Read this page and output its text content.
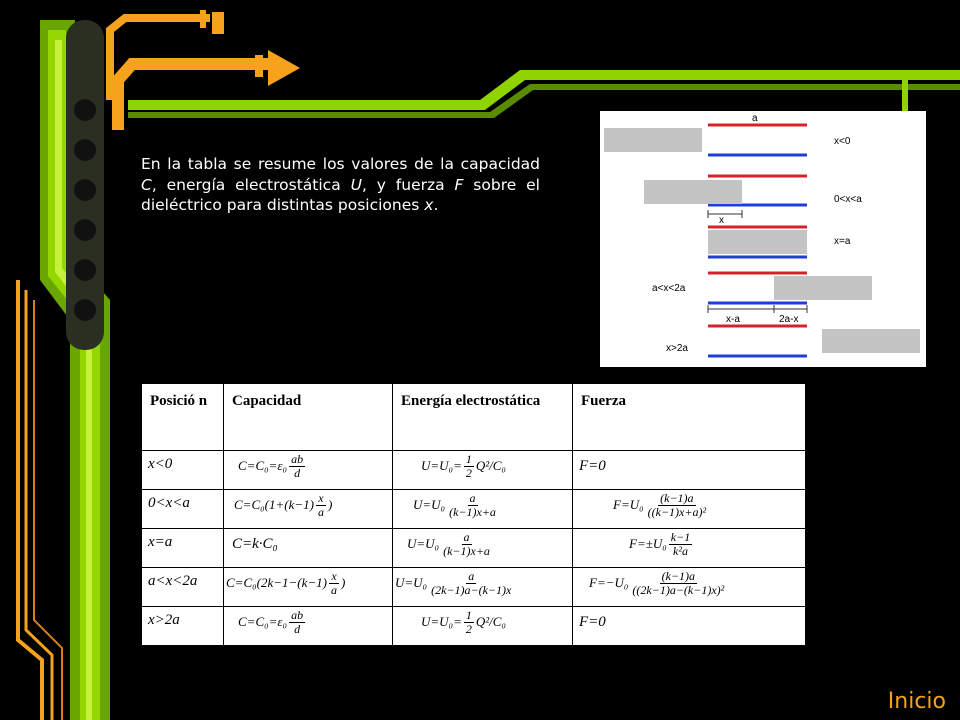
En la tabla se resume los valores de la capacidad C, energía electrostática U, y fuerza F sobre el dieléctrico para distintas posiciones x.

a
x
x-a	2a-x
x<0
0<x<a
x=a
a<x<2a
x>2a
Posició n	Capacidad	Energía electrostática	Fuerza
x<0	$C=C_0=\varepsilon_0 \frac{ab}{d}$	$U=U_0= \frac{1}{2} Q^2/C_0$	F=0

0<x<a	$C=C_0(1+(k-1) \frac{x}{a}$ )	$U=U_0 \frac{a}{(k-1)x+a}$	$F=U_0 \frac{(k-1)a}{\text{((k−1)x+a)²}}$

x=a	C=k·C₀	$U=U_0 \frac{a}{(k-1)x+a}$	$F=\pm U_0 \frac{k-1}{\text{k²a}}$

a<x<2a	$C=C_0(2k-1-(k-1) \frac{x}{a}$ )	$U=U_0 \frac{a}{(2k-1)a-(k-1)x}$	$F=-U_0 \frac{(k-1)a}{\text{((2k−1)a−(k−1)x)²}}$

x>2a	$C=C_0=\varepsilon_0 \frac{ab}{d}$	$U=U_0= \frac{1}{2} Q^2/C_0$	F=0
Inicio
